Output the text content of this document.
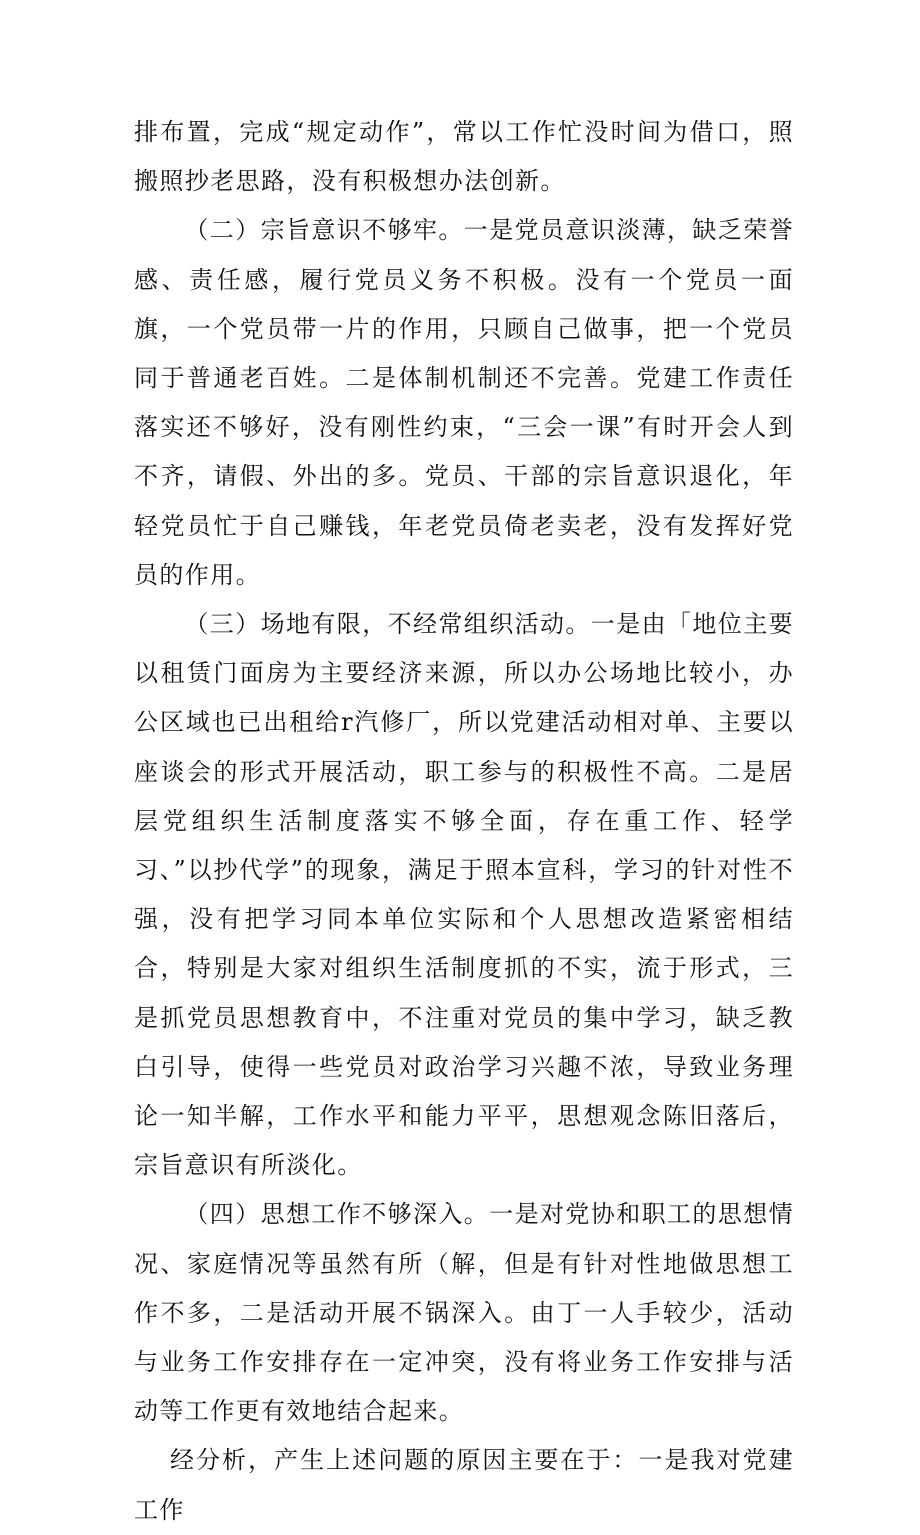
排布置，完成“规定动作”，常以工作忙没时间为借口，照搬照抄老思路，没有积极想办法创新。

（二）宗旨意识不够牢。一是党员意识淡薄，缺乏荣誉感、责任感，履行党员义务不积极。没有一个党员一面旗，一个党员带一片的作用，只顾自己做事，把一个党员同于普通老百姓。二是体制机制还不完善。党建工作责任落实还不够好，没有刚性约束，“三会一课”有时开会人到不齐，请假、外出的多。党员、干部的宗旨意识退化，年轻党员忙于自己赚钱，年老党员倚老卖老，没有发挥好党员的作用。

（三）场地有限，不经常组织活动。一是由「地位主要以租赁门面房为主要经济来源，所以办公场地比较小，办公区域也已出租给r汽修厂，所以党建活动相对单、主要以座谈会的形式开展活动，职工参与的积极性不高。二是居层党组织生活制度落实不够全面，存在重工作、轻学习、”以抄代学”的现象，满足于照本宣科，学习的针对性不强，没有把学习同本单位实际和个人思想改造紧密相结合，特别是大家对组织生活制度抓的不实，流于形式，三是抓党员思想教育中，不注重对党员的集中学习，缺乏教白引导，使得一些党员对政治学习兴趣不浓，导致业务理论一知半解，工作水平和能力平平，思想观念陈旧落后，宗旨意识有所淡化。

（四）思想工作不够深入。一是对党协和职工的思想情况、家庭情况等虽然有所（解，但是有针对性地做思想工作不多，二是活动开展不锅深入。由丁一人手较少，活动与业务工作安排存在一定冲突，没有将业务工作安排与活动等工作更有效地结合起来。

经分析，产生上述问题的原因主要在于：一是我对党建工作
